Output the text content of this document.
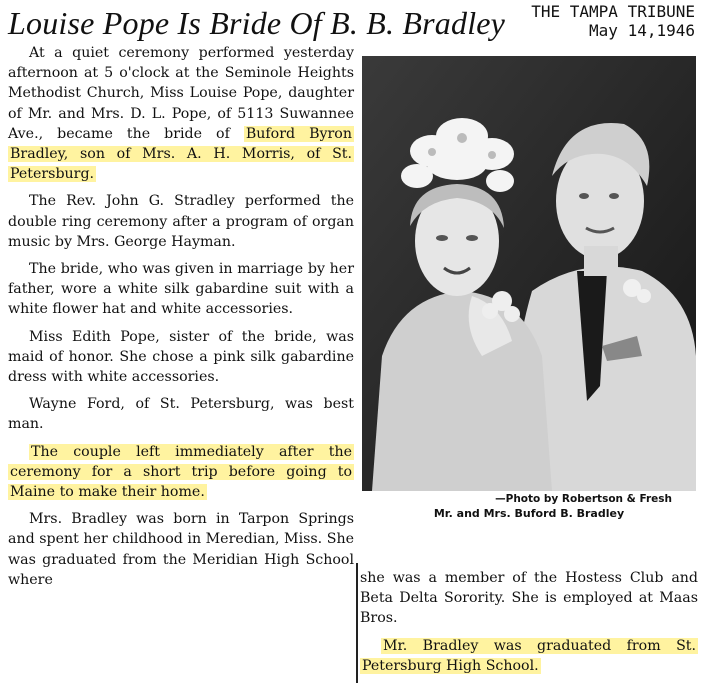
Louise Pope Is Bride Of B. B. Bradley THE TAMPA TRIBUNE
May 14,1946

At a quiet ceremony performed yesterday afternoon at 5 o'clock at the Seminole Heights Methodist Church, Miss Louise Pope, daughter of Mr. and Mrs. D. L. Pope, of 5113 Suwannee Ave., became the bride of Buford Byron Bradley, son of Mrs. A. H. Morris, of St. Petersburg.

The Rev. John G. Stradley performed the double ring ceremony after a program of organ music by Mrs. George Hayman.

The bride, who was given in marriage by her father, wore a white silk gabardine suit with a white flower hat and white accessories.

Miss Edith Pope, sister of the bride, was maid of honor. She chose a pink silk gabardine dress with white accessories.

Wayne Ford, of St. Petersburg, was best man.

The couple left immediately after the ceremony for a short trip before going to Maine to make their home.

Mrs. Bradley was born in Tarpon Springs and spent her childhood in Meredian, Miss. She was graduated from the Meridian High School where

—Photo by Robertson & Fresh
Mr. and Mrs. Buford B. Bradley

she was a member of the Hostess Club and Beta Delta Sorority. She is employed at Maas Bros.

Mr. Bradley was graduated from St. Petersburg High School.
